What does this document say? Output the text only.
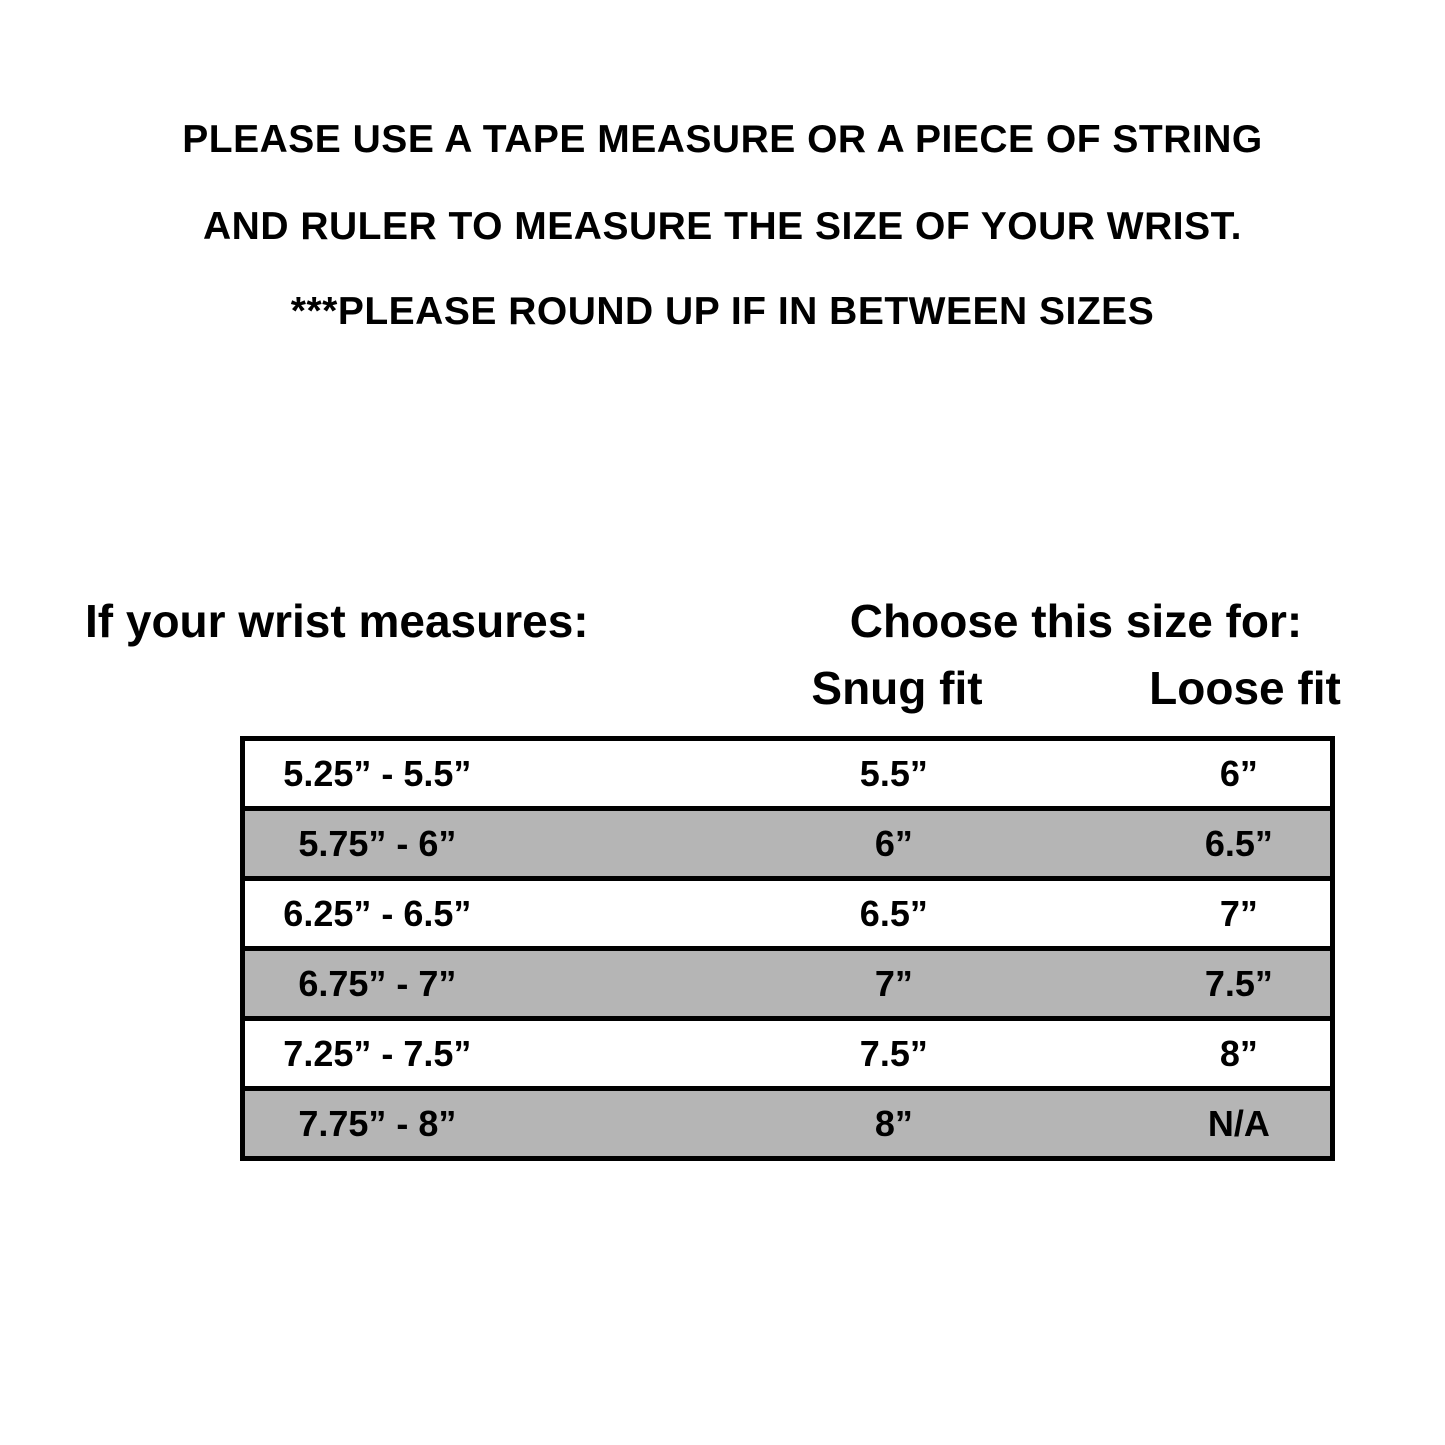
PLEASE USE A TAPE MEASURE OR A PIECE OF STRING
AND RULER TO MEASURE THE SIZE OF YOUR WRIST.
***PLEASE ROUND UP IF IN BETWEEN SIZES
If your wrist measures:	Choose this size for:
Snug fit	Loose fit
5.25” - 5.5”	5.5”	6”
5.75” - 6”	6”	6.5”
6.25” - 6.5”	6.5”	7”
6.75” - 7”	7”	7.5”
7.25” - 7.5”	7.5”	8”
7.75” - 8”	8”	N/A
